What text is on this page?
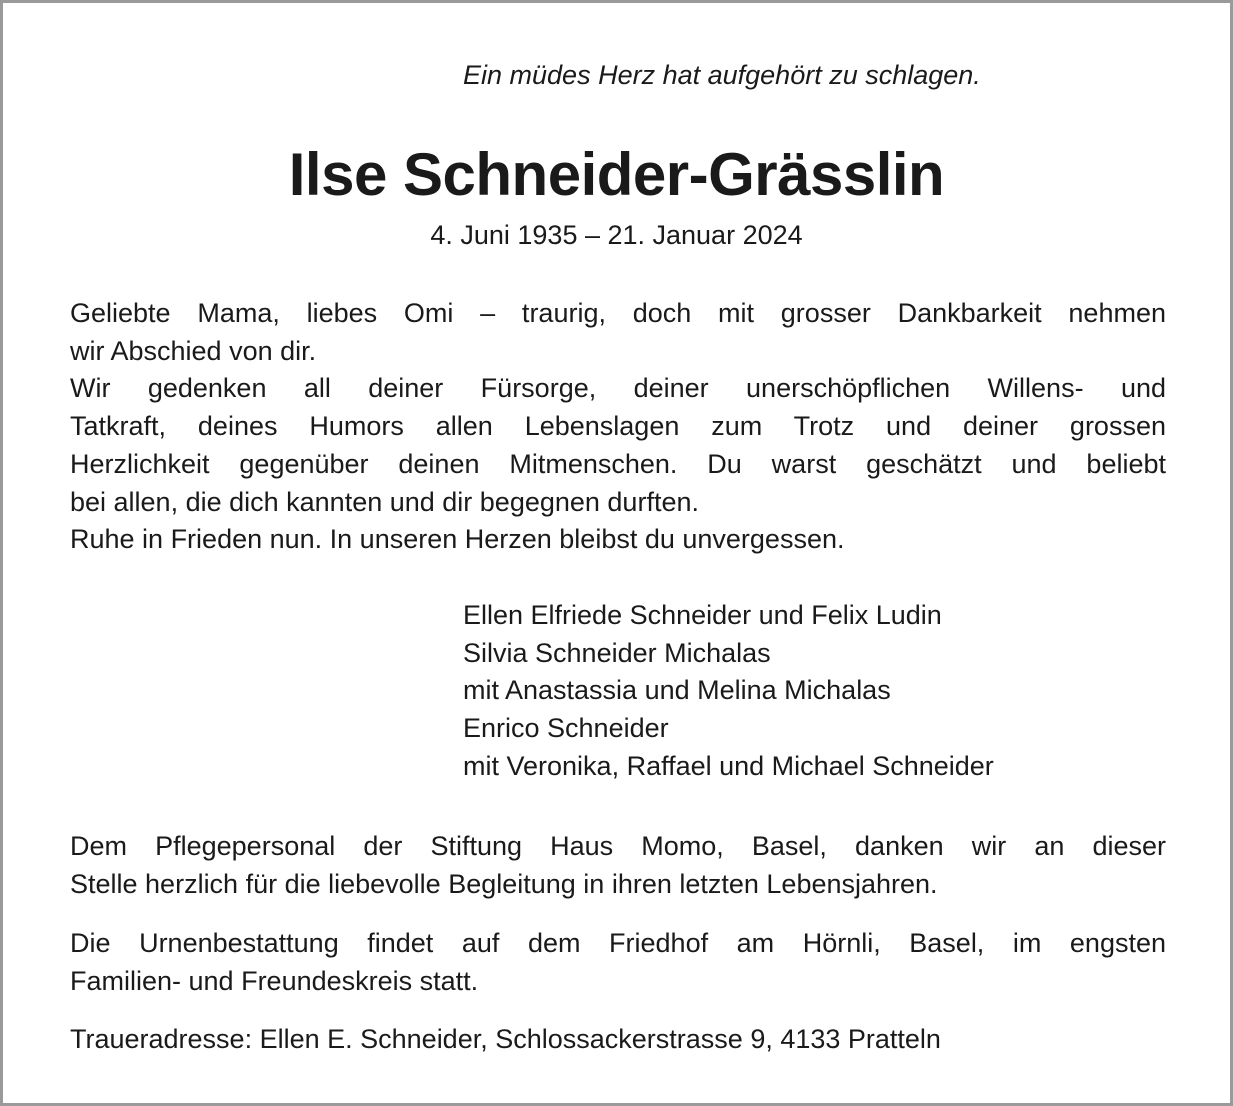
Ein müdes Herz hat aufgehört zu schlagen.
Ilse Schneider-Grässlin
4. Juni 1935 – 21. Januar 2024
Geliebte Mama, liebes Omi – traurig, doch mit grosser Dankbarkeit nehmen
wir Abschied von dir.
Wir gedenken all deiner Fürsorge, deiner unerschöpflichen Willens- und
Tatkraft, deines Humors allen Lebenslagen zum Trotz und deiner grossen
Herzlichkeit gegenüber deinen Mitmenschen. Du warst geschätzt und beliebt
bei allen, die dich kannten und dir begegnen durften.
Ruhe in Frieden nun. In unseren Herzen bleibst du unvergessen.
Ellen Elfriede Schneider und Felix Ludin
Silvia Schneider Michalas
mit Anastassia und Melina Michalas
Enrico Schneider
mit Veronika, Raffael und Michael Schneider
Dem Pflegepersonal der Stiftung Haus Momo, Basel, danken wir an dieser
Stelle herzlich für die liebevolle Begleitung in ihren letzten Lebensjahren.
Die Urnenbestattung findet auf dem Friedhof am Hörnli, Basel, im engsten
Familien- und Freundeskreis statt.
Traueradresse: Ellen E. Schneider, Schlossackerstrasse 9, 4133 Pratteln
